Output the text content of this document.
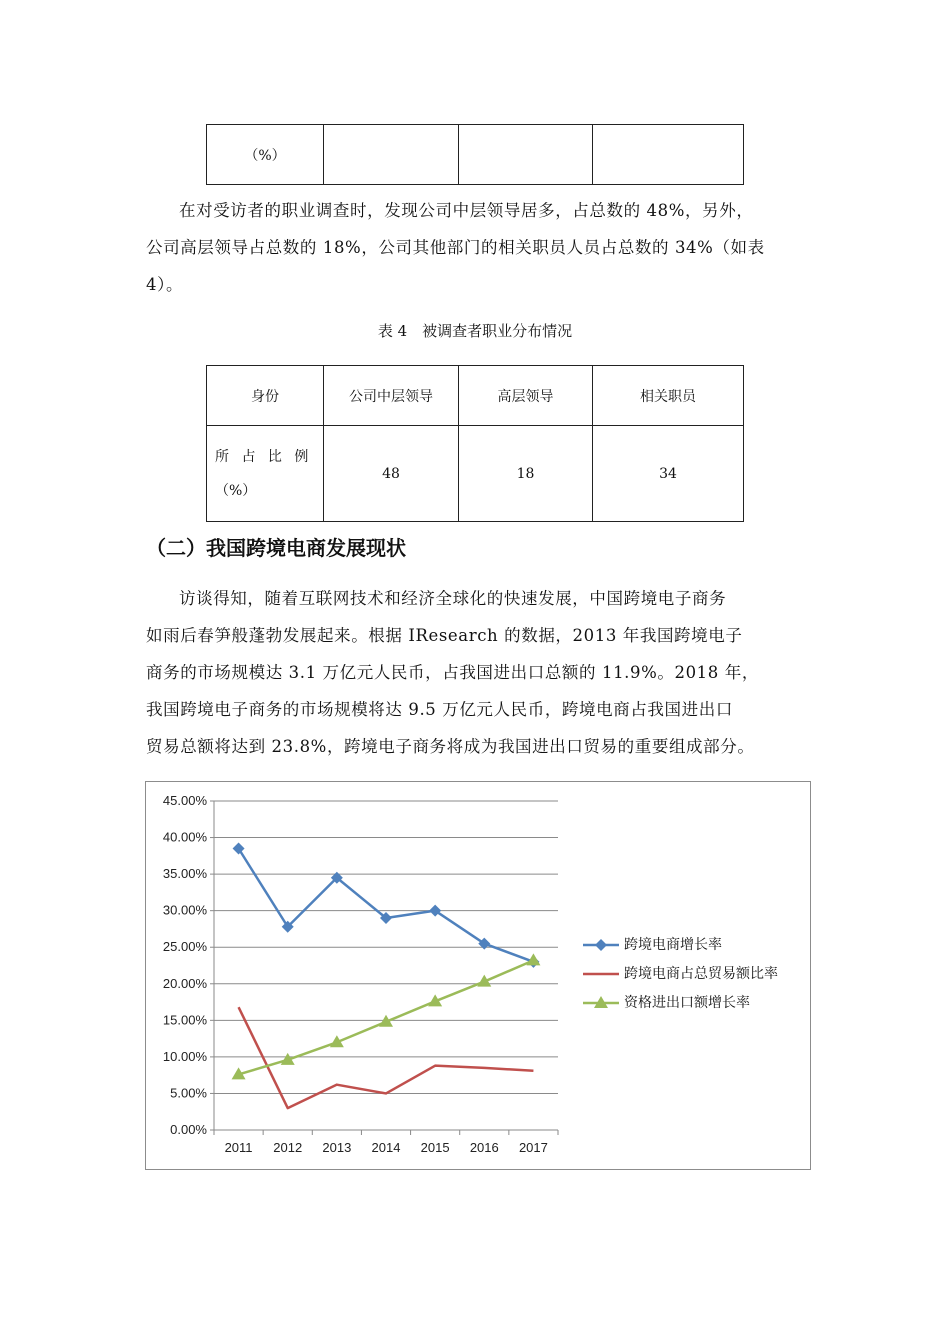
（%）			
在对受访者的职业调查时，发现公司中层领导居多，占总数的 48%，另外，
公司高层领导占总数的 18%，公司其他部门的相关职员人员占总数的 34%（如表
4）。
表 4　被调查者职业分布情况
身份	公司中层领导	高层领导	相关职员

所 占 比 例
（%）	48	18	34
（二）我国跨境电商发展现状
访谈得知，随着互联网技术和经济全球化的快速发展，中国跨境电子商务
如雨后春笋般蓬勃发展起来。根据 IResearch 的数据，2013 年我国跨境电子
商务的市场规模达 3.1 万亿元人民币，占我国进出口总额的 11.9%。2018 年，
我国跨境电子商务的市场规模将达 9.5 万亿元人民币，跨境电商占我国进出口
贸易总额将达到 23.8%，跨境电子商务将成为我国进出口贸易的重要组成部分。
0.00%
5.00%
10.00%
15.00%
20.00%
25.00%
30.00%
35.00%
40.00%
45.00%
2011 2012 2013 2014 2015 2016 2017
跨境电商增长率
跨境电商占总贸易额比率
资格进出口额增长率
